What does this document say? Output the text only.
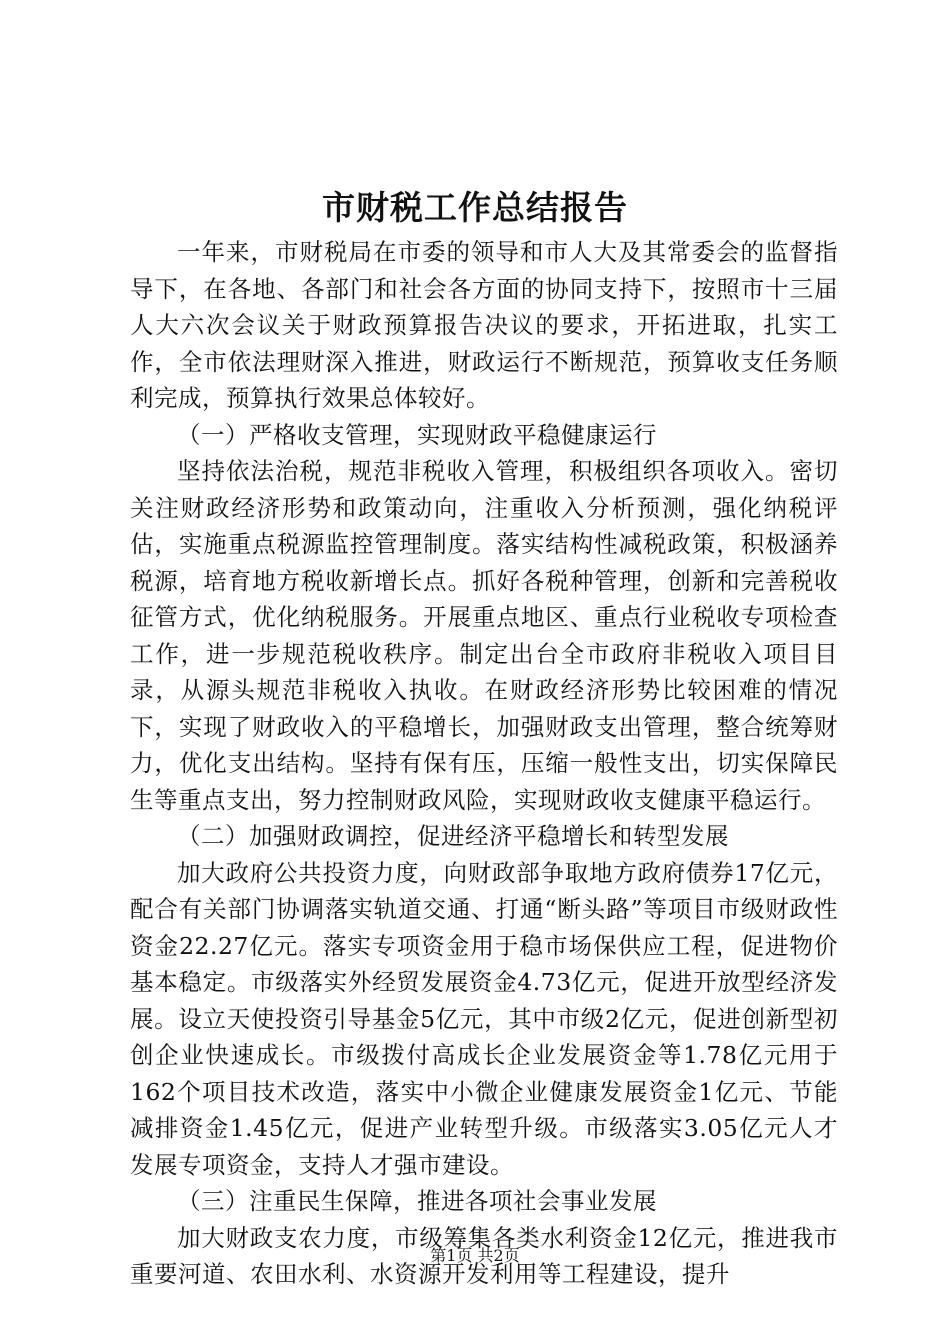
市财税工作总结报告

一年来，市财税局在市委的领导和市人大及其常委会的监督指导下，在各地、各部门和社会各方面的协同支持下，按照市十三届人大六次会议关于财政预算报告决议的要求，开拓进取，扎实工作，全市依法理财深入推进，财政运行不断规范，预算收支任务顺利完成，预算执行效果总体较好。

（一）严格收支管理，实现财政平稳健康运行

坚持依法治税，规范非税收入管理，积极组织各项收入。密切关注财政经济形势和政策动向，注重收入分析预测，强化纳税评估，实施重点税源监控管理制度。落实结构性减税政策，积极涵养税源，培育地方税收新增长点。抓好各税种管理，创新和完善税收征管方式，优化纳税服务。开展重点地区、重点行业税收专项检查工作，进一步规范税收秩序。制定出台全市政府非税收入项目目录，从源头规范非税收入执收。在财政经济形势比较困难的情况下，实现了财政收入的平稳增长，加强财政支出管理，整合统筹财力，优化支出结构。坚持有保有压，压缩一般性支出，切实保障民生等重点支出，努力控制财政风险，实现财政收支健康平稳运行。

（二）加强财政调控，促进经济平稳增长和转型发展

加大政府公共投资力度，向财政部争取地方政府债券17亿元，配合有关部门协调落实轨道交通、打通“断头路”等项目市级财政性资金22.27亿元。落实专项资金用于稳市场保供应工程，促进物价基本稳定。市级落实外经贸发展资金4.73亿元，促进开放型经济发展。设立天使投资引导基金5亿元，其中市级2亿元，促进创新型初创企业快速成长。市级拨付高成长企业发展资金等1.78亿元用于162个项目技术改造，落实中小微企业健康发展资金1亿元、节能减排资金1.45亿元，促进产业转型升级。市级落实3.05亿元人才发展专项资金，支持人才强市建设。

（三）注重民生保障，推进各项社会事业发展

加大财政支农力度，市级筹集各类水利资金12亿元，推进我市重要河道、农田水利、水资源开发利用等工程建设，提升

第1页 共2页
